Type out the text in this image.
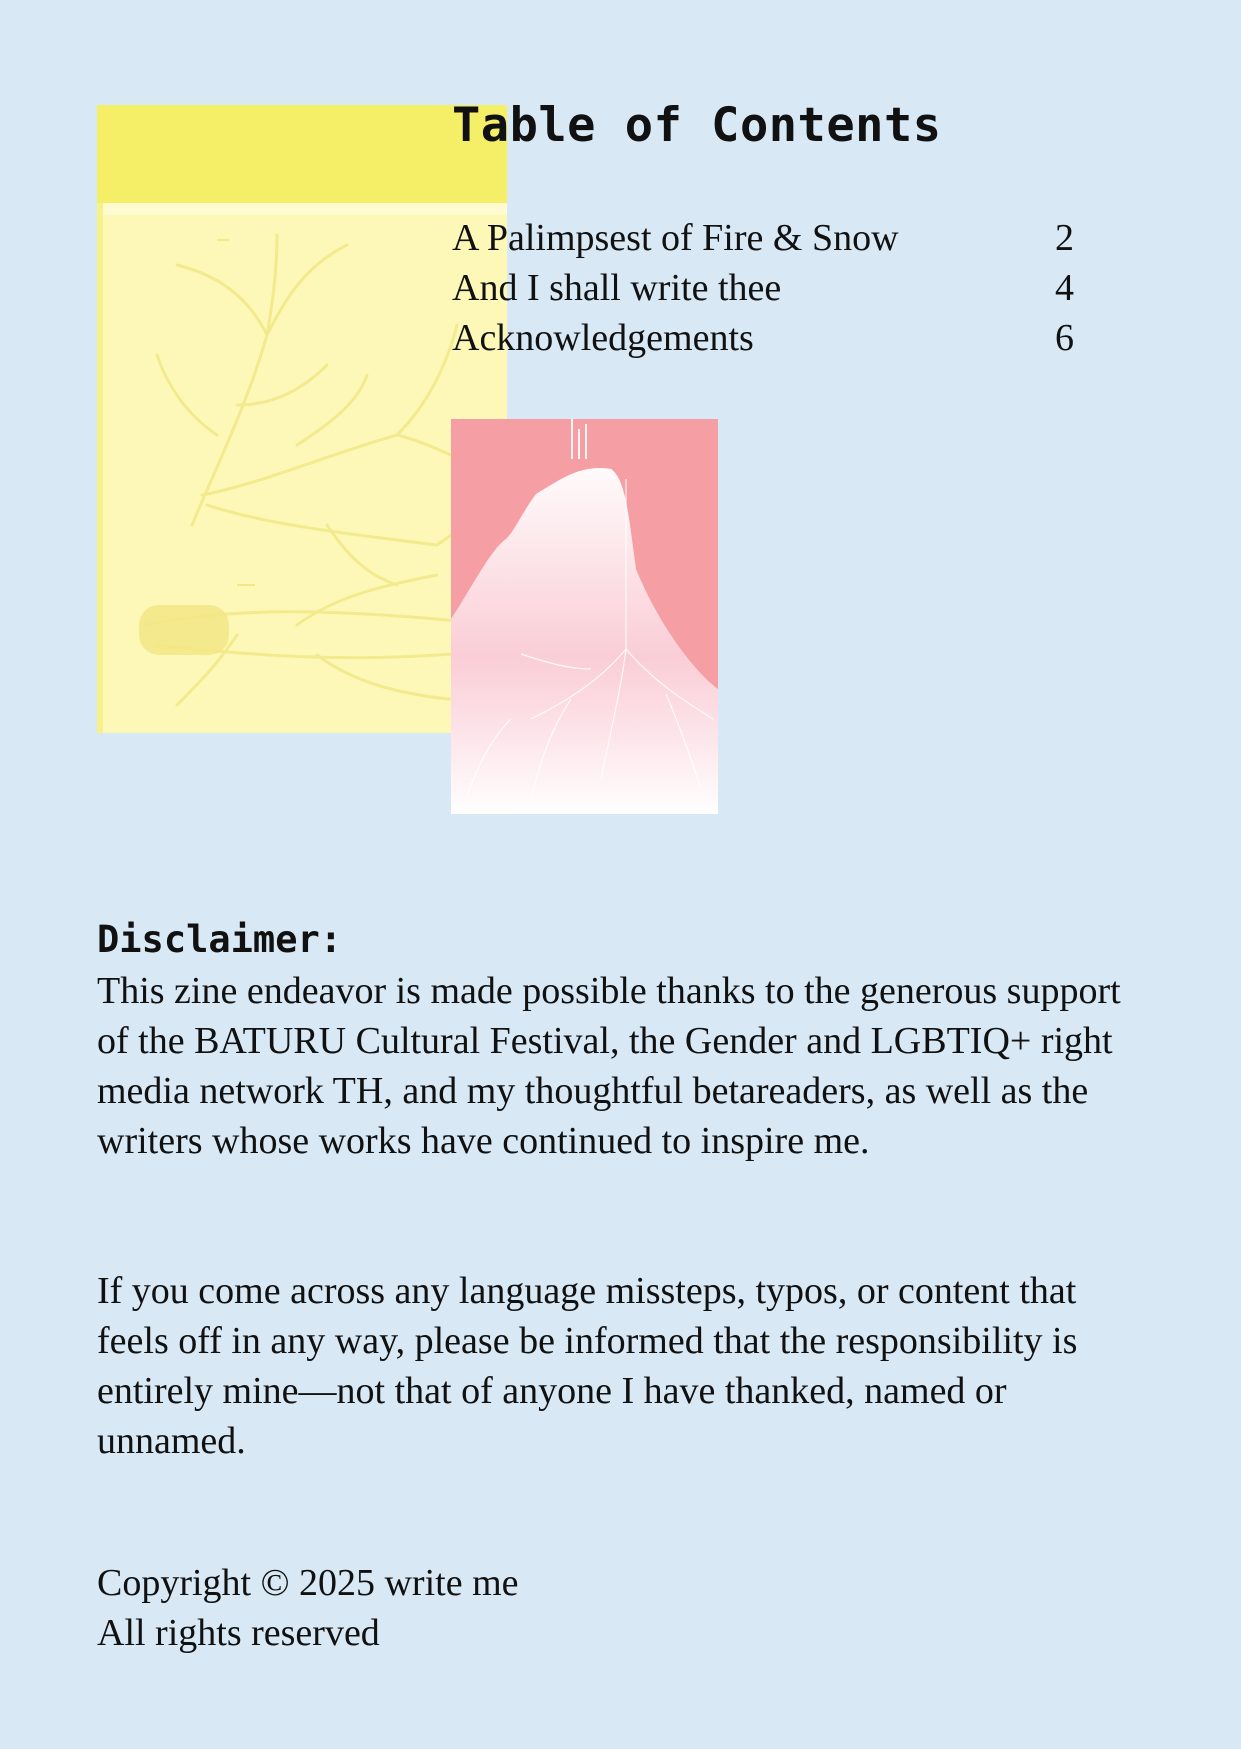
Table of Contents
A Palimpsest of Fire & Snow	2
And I shall write thee	4
Acknowledgements	6
Disclaimer:

This zine endeavor is made possible thanks to the generous support of the BATURU Cultural Festival, the Gender and LGBTIQ+ right media network TH, and my thoughtful betareaders, as well as the writers whose works have continued to inspire me.

If you come across any language missteps, typos, or content that feels off in any way, please be informed that the responsibility is entirely mine—not that of anyone I have thanked, named or unnamed.

Copyright © 2025 write me
All rights reserved
